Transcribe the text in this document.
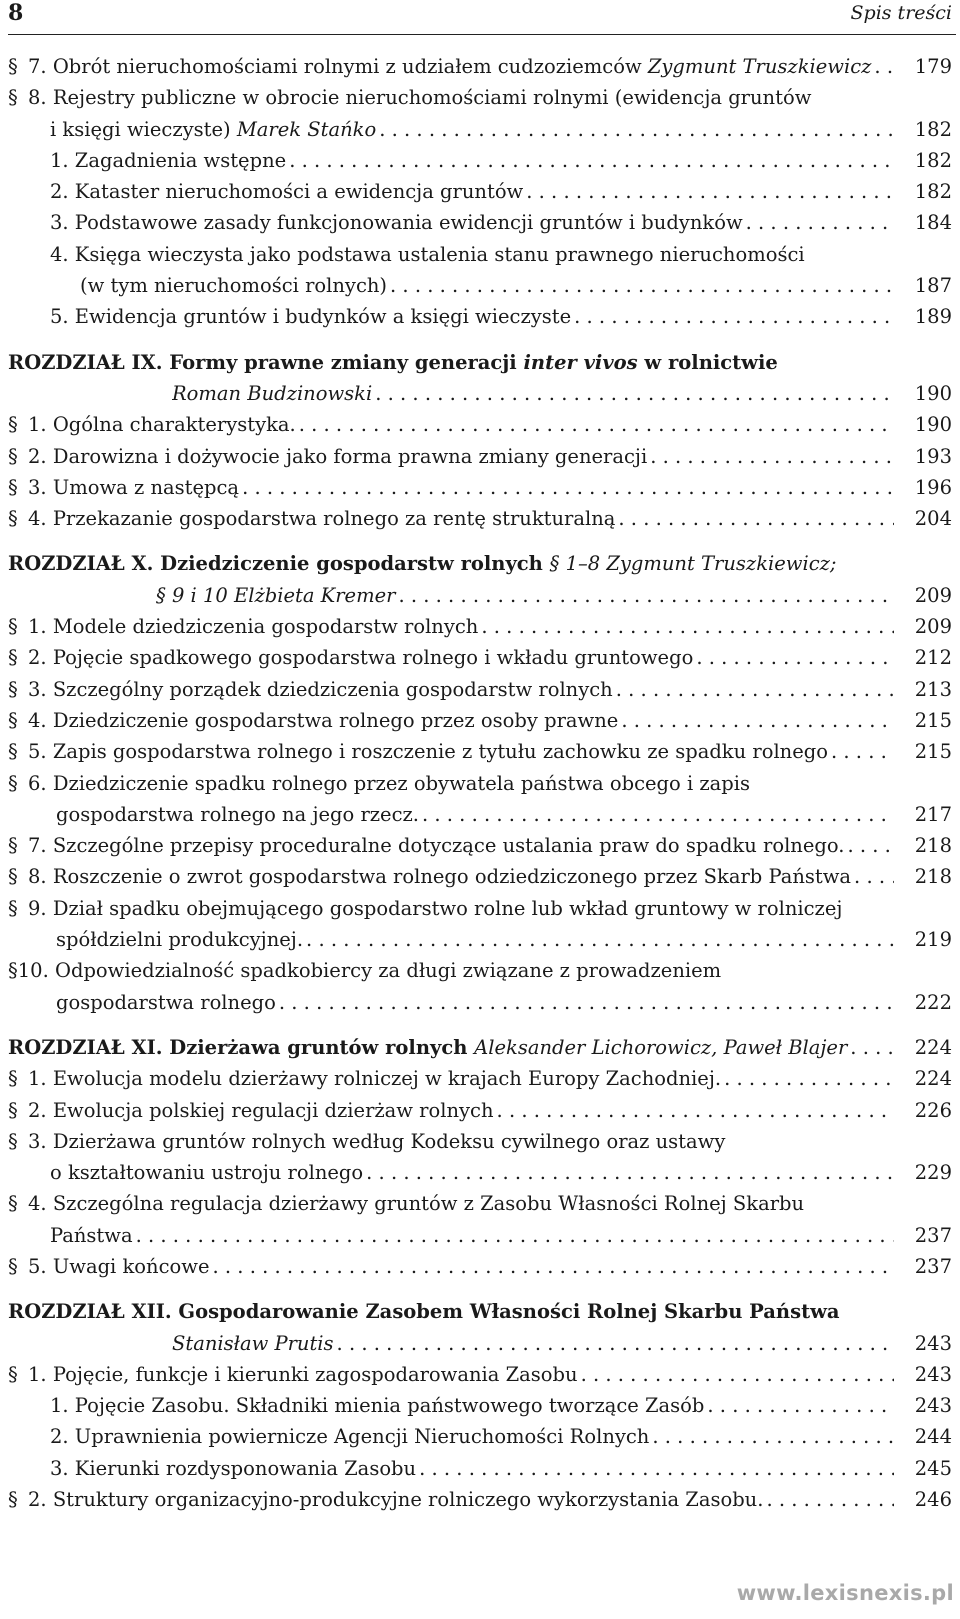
8	Spis treści
§ 7. Obrót nieruchomościami rolnymi z udziałem cudzoziemców Zygmunt Truszkiewicz . . .	179
§ 8. Rejestry publiczne w obrocie nieruchomościami rolnymi (ewidencja gruntów
i księgi wieczyste) Marek Stańko . . .	182
1. Zagadnienia wstępne . . .	182
2. Kataster nieruchomości a ewidencja gruntów . . .	182
3. Podstawowe zasady funkcjonowania ewidencji gruntów i budynków . . .	184
4. Księga wieczysta jako podstawa ustalenia stanu prawnego nieruchomości
(w tym nieruchomości rolnych) . . .	187
5. Ewidencja gruntów i budynków a księgi wieczyste . . .	189
ROZDZIAŁ IX. Formy prawne zmiany generacji inter vivos w rolnictwie
Roman Budzinowski . . .	190
§ 1. Ogólna charakterystyka. . . .	190
§ 2. Darowizna i dożywocie jako forma prawna zmiany generacji . . .	193
§ 3. Umowa z następcą . . .	196
§ 4. Przekazanie gospodarstwa rolnego za rentę strukturalną . . .	204
ROZDZIAŁ X. Dziedziczenie gospodarstw rolnych § 1–8 Zygmunt Truszkiewicz;
§ 9 i 10 Elżbieta Kremer . . .	209
§ 1. Modele dziedziczenia gospodarstw rolnych . . .	209
§ 2. Pojęcie spadkowego gospodarstwa rolnego i wkładu gruntowego . . .	212
§ 3. Szczególny porządek dziedziczenia gospodarstw rolnych . . .	213
§ 4. Dziedziczenie gospodarstwa rolnego przez osoby prawne . . .	215
§ 5. Zapis gospodarstwa rolnego i roszczenie z tytułu zachowku ze spadku rolnego . . .	215
§ 6. Dziedziczenie spadku rolnego przez obywatela państwa obcego i zapis
gospodarstwa rolnego na jego rzecz. . . .	217
§ 7. Szczególne przepisy proceduralne dotyczące ustalania praw do spadku rolnego. . . .	218
§ 8. Roszczenie o zwrot gospodarstwa rolnego odziedziczonego przez Skarb Państwa . . .	218
§ 9. Dział spadku obejmującego gospodarstwo rolne lub wkład gruntowy w rolniczej
spółdzielni produkcyjnej. . . .	219
§10. Odpowiedzialność spadkobiercy za długi związane z prowadzeniem
gospodarstwa rolnego . . .	222
ROZDZIAŁ XI. Dzierżawa gruntów rolnych Aleksander Lichorowicz, Paweł Blajer . . .	224
§ 1. Ewolucja modelu dzierżawy rolniczej w krajach Europy Zachodniej. . . .	224
§ 2. Ewolucja polskiej regulacji dzierżaw rolnych . . .	226
§ 3. Dzierżawa gruntów rolnych według Kodeksu cywilnego oraz ustawy
o kształtowaniu ustroju rolnego . . .	229
§ 4. Szczególna regulacja dzierżawy gruntów z Zasobu Własności Rolnej Skarbu
Państwa . . .	237
§ 5. Uwagi końcowe . . .	237
ROZDZIAŁ XII. Gospodarowanie Zasobem Własności Rolnej Skarbu Państwa
Stanisław Prutis . . .	243
§ 1. Pojęcie, funkcje i kierunki zagospodarowania Zasobu . . .	243
1. Pojęcie Zasobu. Składniki mienia państwowego tworzące Zasób . . .	243
2. Uprawnienia powiernicze Agencji Nieruchomości Rolnych . . .	244
3. Kierunki rozdysponowania Zasobu . . .	245
§ 2. Struktury organizacyjno-produkcyjne rolniczego wykorzystania Zasobu. . . .	246
www.lexisnexis.pl
